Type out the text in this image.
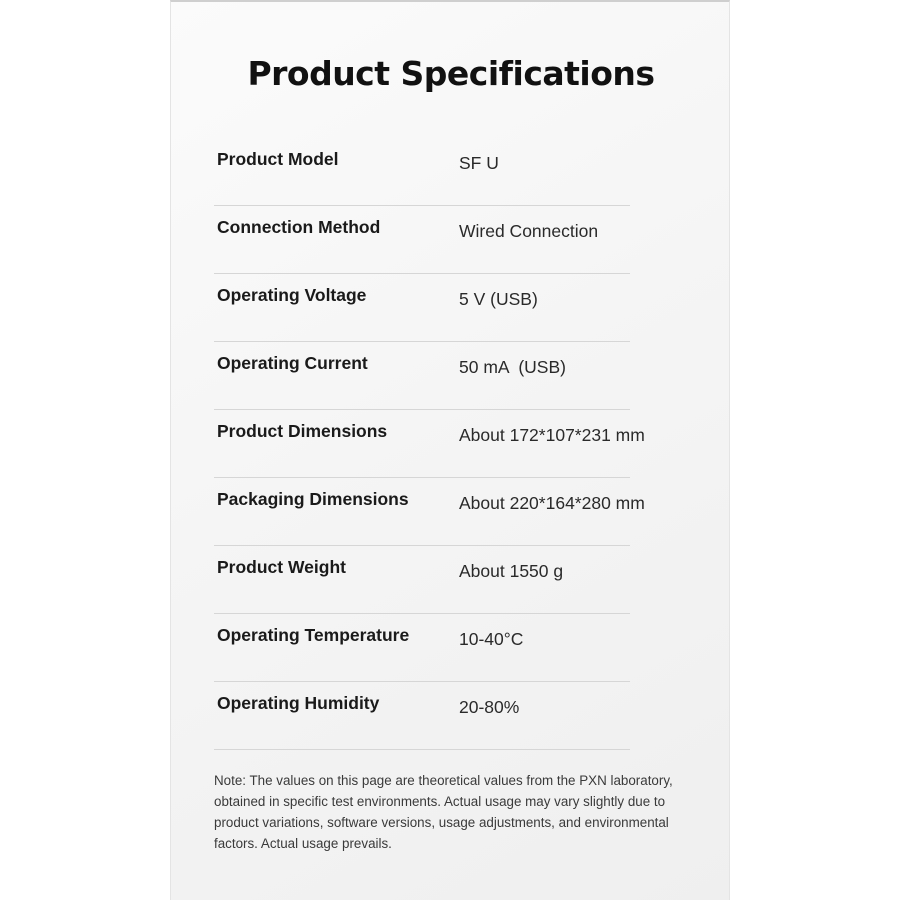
Product Specifications
Product Model	SF U
Connection Method	Wired Connection
Operating Voltage	5 V (USB)
Operating Current	50 mA  (USB)
Product Dimensions	About 172*107*231 mm
Packaging Dimensions	About 220*164*280 mm
Product Weight	About 1550 g
Operating Temperature	10-40°C
Operating Humidity	20-80%

Note: The values on this page are theoretical values from the PXN laboratory, obtained in specific test environments. Actual usage may vary slightly due to product variations, software versions, usage adjustments, and environmental factors. Actual usage prevails.
